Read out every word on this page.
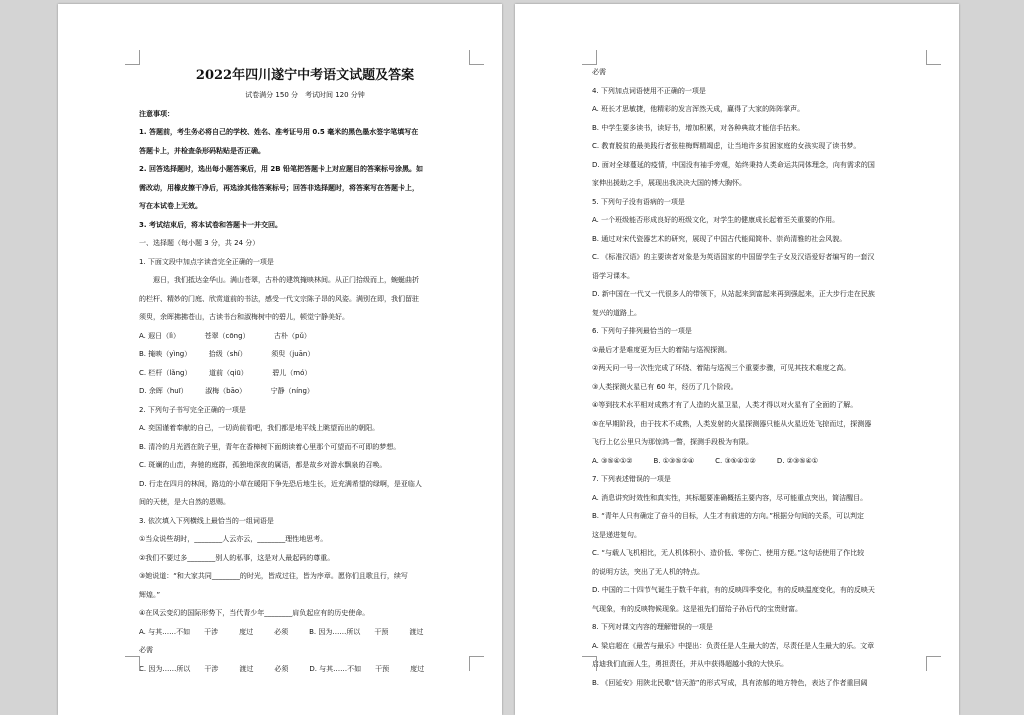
2022年四川遂宁中考语文试题及答案
试卷满分 150 分　考试时间 120 分钟
注意事项：
1. 答题前，考生务必将自己的学校、姓名、准考证号用 0.5 毫米的黑色墨水签字笔填写在
答题卡上，并检查条形码粘贴是否正确。
2. 回答选择题时，选出每小题答案后，用 2B 铅笔把答题卡上对应题目的答案标号涂黑。如
需改动，用橡皮擦干净后，再选涂其他答案标号；回答非选择题时，将答案写在答题卡上，
写在本试卷上无效。
3. 考试结束后，将本试卷和答题卡一并交回。
一、选择题（每小题 3 分，共 24 分）
1. 下面文段中加点字读音完全正确的一项是
　　遐日，我们抵达金华山。满山苍翠，古朴的建筑掩映林间。从正门拾级而上，蜿蜒曲折
的栏杆、精妙的门庭、欣赏道前的书法，感受一代文宗陈子昂的风姿。满别在即，我们留驻
须臾，余晖拂拂苍山，古读书台和淑梅树中的碧儿，顿觉宁静美好。
A. 遐日（lì）　　　　苍翠（cōng）　　　　古朴（pǔ）
B. 掩映（yìng）　　　拾级（shí）　　　　须臾（juān）
C. 栏杆（lǎng）　　　道前（qiū）　　　　碧儿（mó）
D. 余晖（huī）　　　淑梅（bāo）　　　　宁静（níng）
2. 下列句子书写完全正确的一项是
A. 奕国谨着奉献的自己，一切尚前看吧，我们都是地平线上眺望而出的朝阳。
B. 清冷的月光洒在院子里，青年在香樟树下面朗读着心里那个可望而不可即的梦想。
C. 斑斓的山峦，奔驰的庭群，孤独地深夜的属语，都是故乡对游水飘泉的召唤。
D. 行走在四月的林间，路边的小草在暖阳下争先恐后地生长，近充满希望的绿啊，是亚临人
间的天使，是大自然的恩赐。
3. 依次填入下列横线上最恰当的一组词语是
①当众说些胡时，________人云亦云，________理性地思考。
②我们不要过多________别人的私事，这是对人最起码的尊重。
③她说道：“和大家共同________的时光，皆成过往，皆为序章。愿你们且歌且行，续写
辉煌。”
④在风云变幻的国际形势下，当代青少年________肩负起应有的历史使命。
A. 与其……不如　　干涉　　　度过　　　必须　　　B. 因为……所以　　干预　　　渡过
必需
C. 因为……所以　　干涉　　　渡过　　　必须　　　D. 与其……不如　　干预　　　度过
必需
4. 下列加点词语使用不正确的一项是
A. 班长才思敏捷，他精彩的发言浑然天成，赢得了大家的阵阵掌声。
B. 中学生要多读书，读好书，增加积累，对各种典故才能信手拈来。
C. 教育脱贫的最美践行者张桂梅辉精竭虑，让当地许多贫困家庭的女孩实现了读书梦。
D. 面对全球蔓延的疫情，中国没有袖手旁观，始终秉持人类命运共同体理念，向有需求的国
家伸出援助之手，展现出我决决大国的博大胸怀。
5. 下列句子没有语病的一项是
A. 一个班级能否形成良好的班级文化，对学生的健康成长起着至关重要的作用。
B. 通过对宋代瓷器艺术的研究，展现了中国古代能闻简朴、崇尚清雅的社会风貌。
C. 《标准汉语》的主要读者对象是为英语国家的中国留学生子女及汉语爱好者编写的一套汉
语学习课本。
D. 新中国在一代又一代很多人的带领下，从站起来到富起来再到强起来，正大步行走在民族
复兴的道路上。
6. 下列句子排列最恰当的一项是
①最后才是难度更为巨大的着陆与巡视探测。
②两天问一号一次性完成了环绕、着陆与巡视三个重要步骤，可见其技术难度之高。
③人类探测火星已有 60 年，经历了几个阶段。
④等到技术水平相对成熟才有了人造的火星卫星，人类才得以对火星有了全面的了解。
⑤在早期阶段，由于技术不成熟，人类发射的火星探测器只能从火星近处飞掠而过，探测器
飞行上亿公里只为那惊鸿一瞥，探测手段极为有限。
A. ③⑤④①②　　　B. ①③⑤②④　　　C. ③⑤④①②　　　D. ②③⑤④①
7. 下列表述错误的一项是
A. 消息讲究时效性和真实性，其标题要准确概括主要内容，尽可能重点突出，简洁醒目。
B. “青年人只有确定了奋斗的目标，人生才有前进的方向。”根据分句间的关系，可以判定
这是递进复句。
C. “与载人飞机相比，无人机体积小、造价低、零伤亡、使用方便。”这句话使用了作比较
的说明方法，突出了无人机的特点。
D. 中国的二十四节气诞生于数千年前，有的反映四季变化，有的反映温度变化，有的反映天
气现象，有的反映物候现象。这是祖先们留给子孙后代的宝贵财富。
8. 下列对课文内容的理解错误的一项是
A. 梁启超在《最苦与最乐》中提出：负责任是人生最大的苦，尽责任是人生最大的乐。文章
启迪我们直面人生，勇担责任，并从中获得超越小我的大快乐。
B. 《回延安》用陕北民歌“信天游”的形式写成，具有浓郁的地方特色，表达了作者重回阔
